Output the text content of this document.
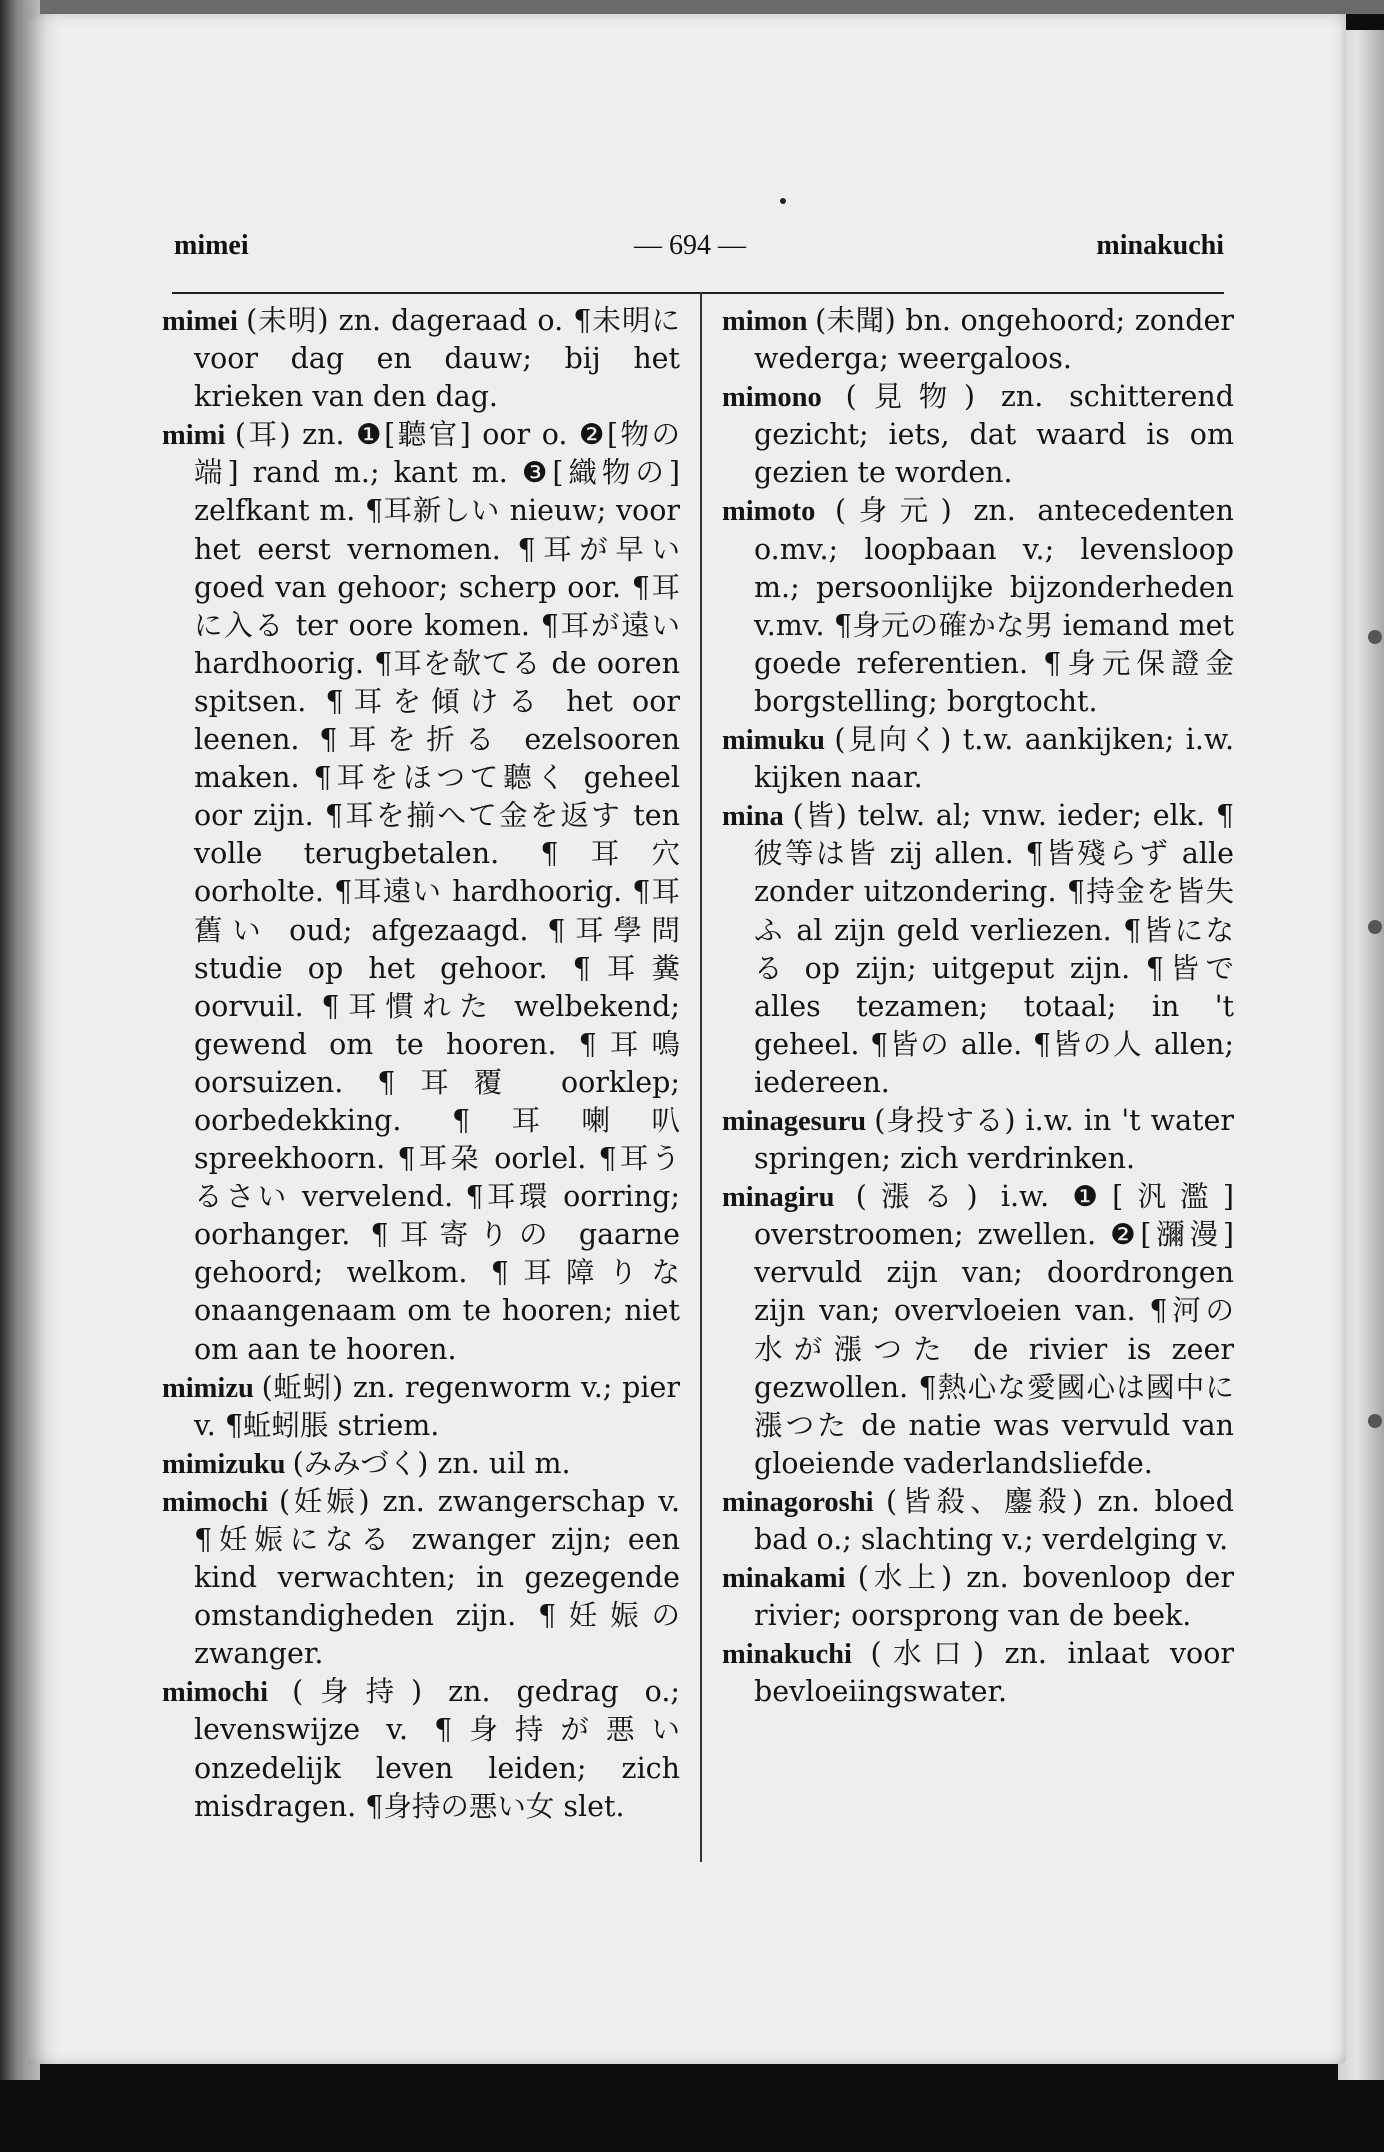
mimei	— 694 —	minakuchi

mimei (未明) zn. dageraad o. ¶未明に voor dag en dauw; bij het krieken van den dag.

mimi (耳) zn. ❶[聽官] oor o. ❷[物の端] rand m.; kant m. ❸[織物の] zelfkant m. ¶耳新しい nieuw; voor het eerst vernomen. ¶耳が早い goed van gehoor; scherp oor. ¶耳に入る ter oore komen. ¶耳が遠い hardhoorig. ¶耳を欹てる de ooren spitsen. ¶耳を傾ける het oor leenen. ¶耳を折る ezelsooren maken. ¶耳をほつて聽く geheel oor zijn. ¶耳を揃へて金を返す ten volle terugbetalen. ¶耳穴 oorholte. ¶耳遠い hardhoorig. ¶耳舊い oud; afgezaagd. ¶耳學問 studie op het gehoor. ¶耳糞 oorvuil. ¶耳慣れた welbekend; gewend om te hooren. ¶耳鳴 oorsuizen. ¶耳覆 oorklep; oorbedekking. ¶耳喇叭 spreekhoorn. ¶耳朶 oorlel. ¶耳うるさい vervelend. ¶耳環 oorring; oorhanger. ¶耳寄りの gaarne gehoord; welkom. ¶耳障りな onaangenaam om te hooren; niet om aan te hooren.

mimizu (蚯蚓) zn. regenworm v.; pier v. ¶蚯蚓脹 striem.

mimizuku (みみづく) zn. uil m.

mimochi (妊娠) zn. zwangerschap v. ¶妊娠になる zwanger zijn; een kind verwachten; in gezegende omstandigheden zijn. ¶妊娠の zwanger.

mimochi (身持) zn. gedrag o.; levenswijze v. ¶身持が悪い onzedelijk leven leiden; zich misdragen. ¶身持の悪い女 slet.

mimon (未聞) bn. ongehoord; zonder wederga; weergaloos.

mimono (見物) zn. schitterend gezicht; iets, dat waard is om gezien te worden.

mimoto (身元) zn. antecedenten o.mv.; loopbaan v.; levensloop m.; persoonlijke bijzonderheden v.mv. ¶身元の確かな男 iemand met goede referentien. ¶身元保證金 borgstelling; borgtocht.

mimuku (見向く) t.w. aankijken; i.w. kijken naar.

mina (皆) telw. al; vnw. ieder; elk. ¶彼等は皆 zij allen. ¶皆殘らず alle zonder uitzondering. ¶持金を皆失ふ al zijn geld verliezen. ¶皆になる op zijn; uitgeput zijn. ¶皆で alles tezamen; totaal; in 't geheel. ¶皆の alle. ¶皆の人 allen; iedereen.

minagesuru (身投する) i.w. in 't water springen; zich verdrinken.

minagiru (漲る) i.w. ❶[汎濫] overstroomen; zwellen. ❷[瀰漫] vervuld zijn van; doordrongen zijn van; overvloeien van. ¶河の水が漲つた de rivier is zeer gezwollen. ¶熱心な愛國心は國中に漲つた de natie was vervuld van gloeiende vaderlandsliefde.

minagoroshi (皆殺、鏖殺) zn. bloed bad o.; slachting v.; verdelging v.

minakami (水上) zn. bovenloop der rivier; oorsprong van de beek.

minakuchi (水口) zn. inlaat voor bevloeiingswater.
